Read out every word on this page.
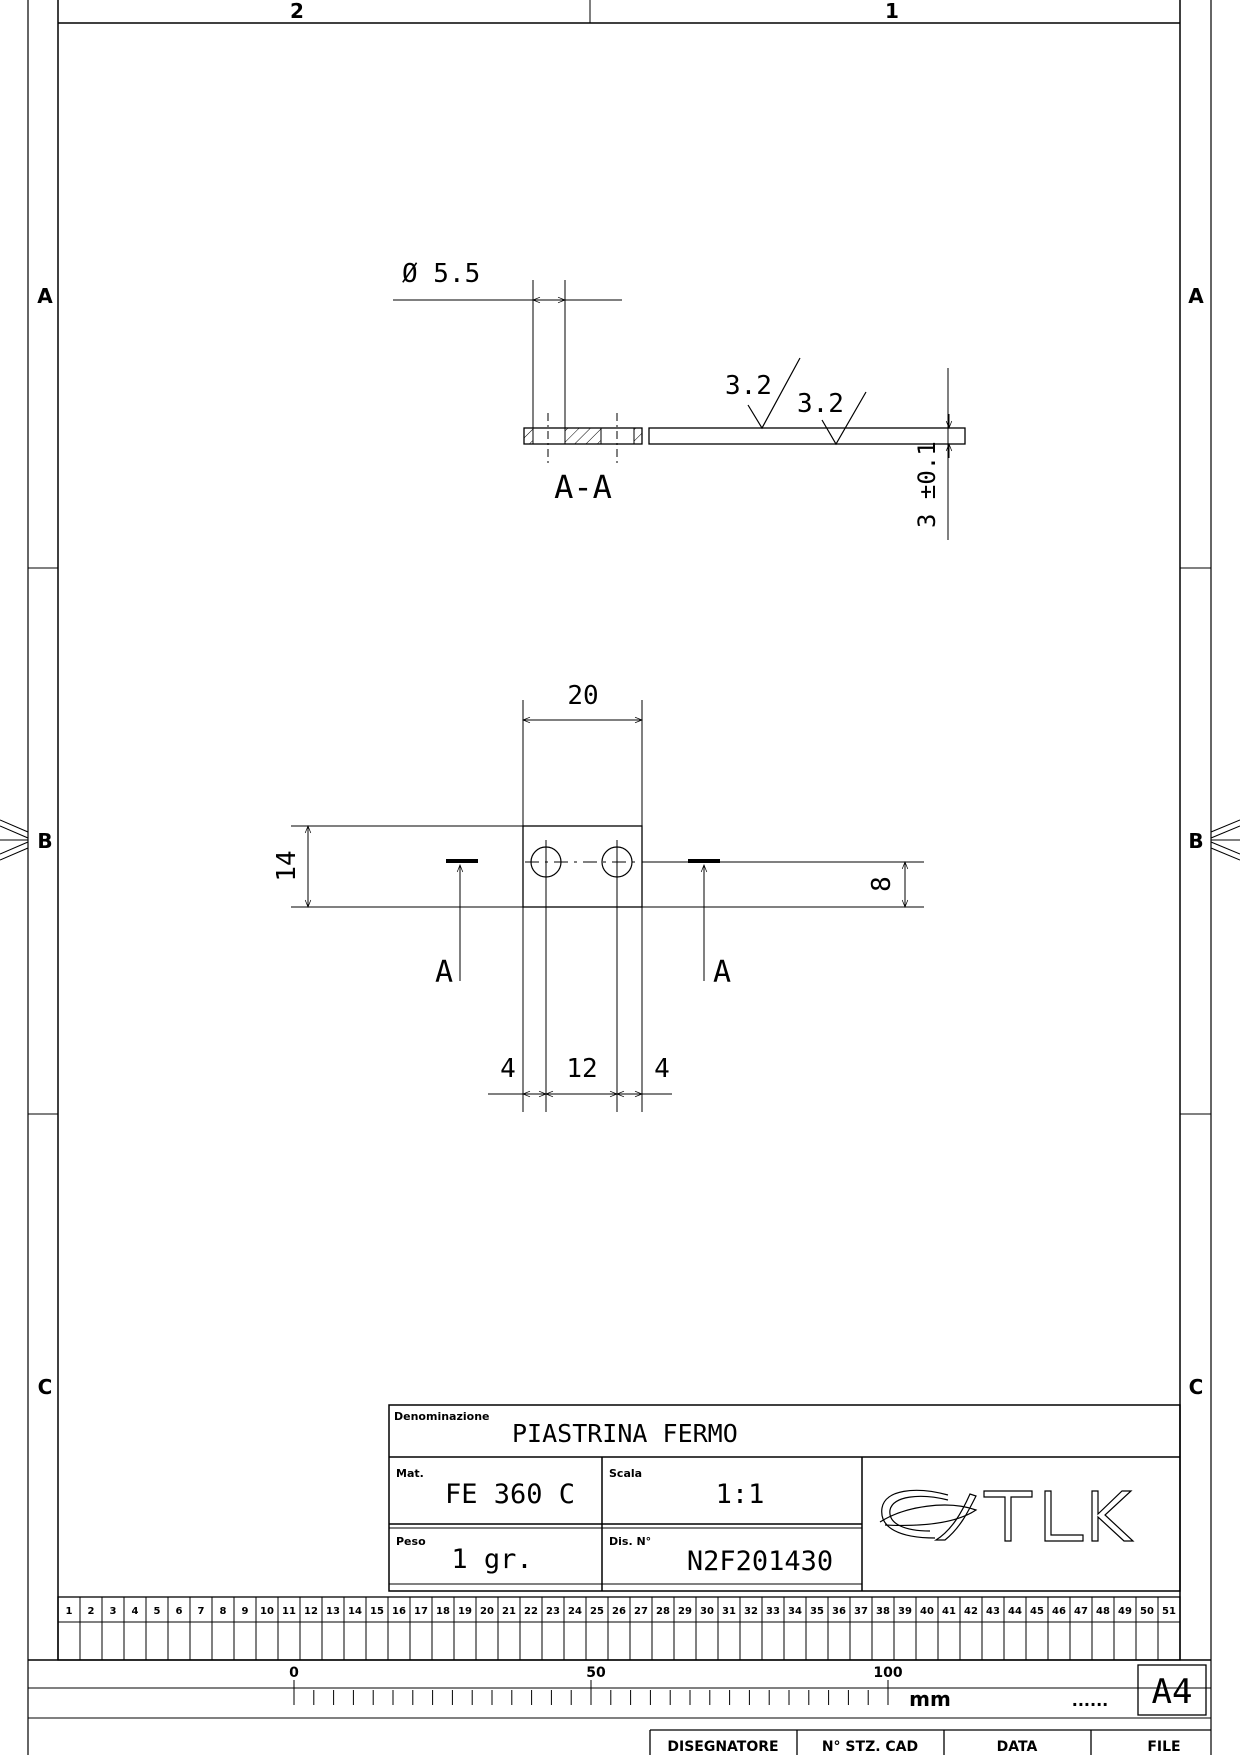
2	1
A
B
C
A
B
C
Ø 5.5
A-A
3.2
3.2
3 ±0.1
20
14
8
A	A
4 12 4
Denominazione
PIASTRINA FERMO
Mat.
FE 360 C
Scala
1:1
Peso
1 gr.
Dis. N°
N2F201430
1 2 3 4 5 6 7 8 9 10 11 12 13 14 15 16 17 18 19 20 21 22 23 24 25 26 27 28 29 30 31 32 33 34 35 36 37 38 39 40 41 42 43 44 45 46 47 48 49 50 51
0	50	100
mm	...... A4
DISEGNATORE	N° STZ. CAD	DATA	FILE
